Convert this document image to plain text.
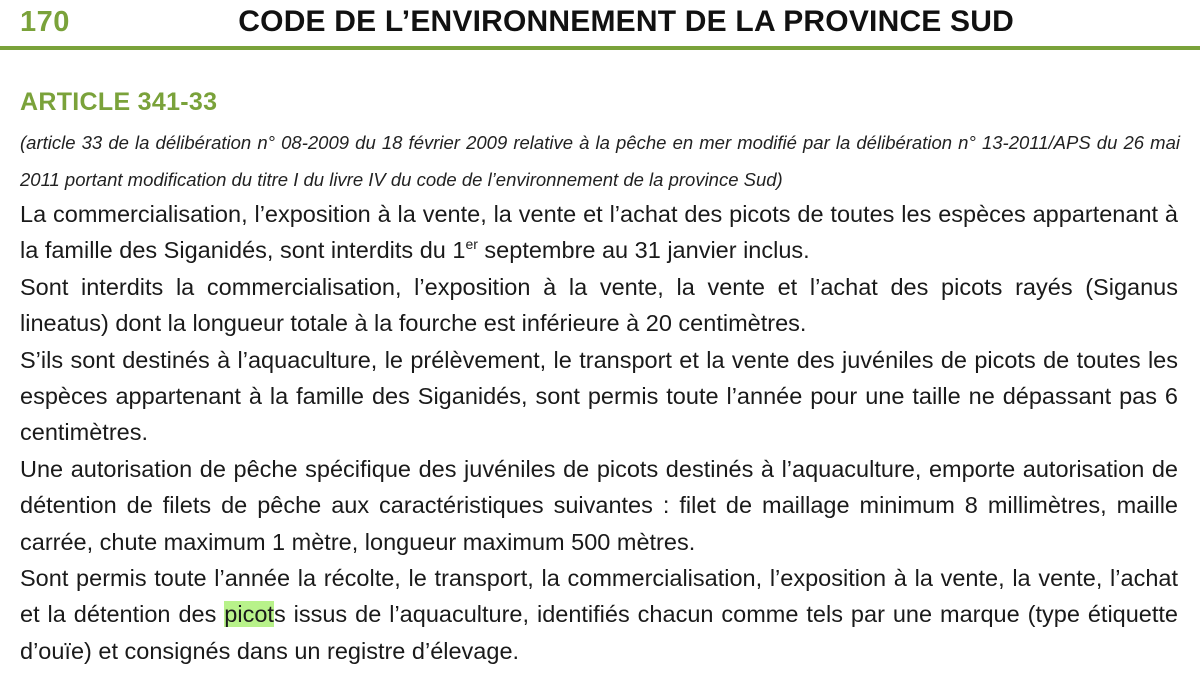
170	CODE DE L’ENVIRONNEMENT DE LA PROVINCE SUD
ARTICLE 341-33
(article 33 de la délibération n° 08-2009 du 18 février 2009 relative à la pêche en mer modifié par la délibération n° 13-2011/APS du 26 mai 2011 portant modification du titre I du livre IV du code de l’environnement de la province Sud)

La commercialisation, l’exposition à la vente, la vente et l’achat des picots de toutes les espèces appartenant à la famille des Siganidés, sont interdits du 1er septembre au 31 janvier inclus.

Sont interdits la commercialisation, l’exposition à la vente, la vente et l’achat des picots rayés (Siganus lineatus) dont la longueur totale à la fourche est inférieure à 20 centimètres.

S’ils sont destinés à l’aquaculture, le prélèvement, le transport et la vente des juvéniles de picots de toutes les espèces appartenant à la famille des Siganidés, sont permis toute l’année pour une taille ne dépassant pas 6 centimètres.

Une autorisation de pêche spécifique des juvéniles de picots destinés à l’aquaculture, emporte autorisation de détention de filets de pêche aux caractéristiques suivantes : filet de maillage minimum 8 millimètres, maille carrée, chute maximum 1 mètre, longueur maximum 500 mètres.

Sont permis toute l’année la récolte, le transport, la commercialisation, l’exposition à la vente, la vente, l’achat et la détention des picots issus de l’aquaculture, identifiés chacun comme tels par une marque (type étiquette d’ouïe) et consignés dans un registre d’élevage.
